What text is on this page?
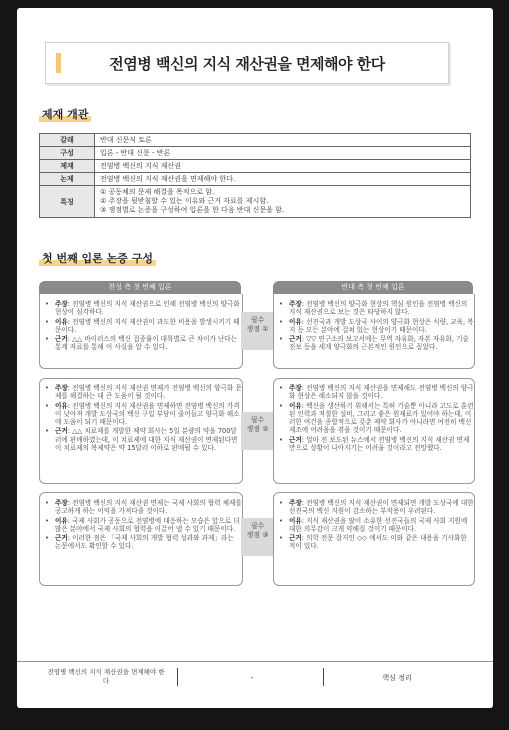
전염병 백신의 지식 재산권을 면제해야 한다
제재 개관
갈래	반대 신문식 토론
구성	입론 - 반대 신문 - 반론
제재	전염병 백신의 지식 재산권
논제	전염병 백신의 지식 재산권을 면제해야 한다.
특징	① 공동체의 문제 해결을 목적으로 함.
② 주장을 뒷받침할 수 있는 이유와 근거 자료를 제시함.
③ 쟁점별로 논증을 구성하여 입론을 한 다음 반대 신문을 함.
첫 번째 입론 논증 구성
찬성 측 첫 번째 입론	반대 측 첫 번째 입론
• 주장: 전염병 백신의 지식 재산권으로 인해 전염병 백신의 양극화 현상이 심각하다.
• 이유: 전염병 백신의 지식 재산권이 과도한 비용을 발생시키기 때문이다.
• 근거: △△ 바이러스의 백신 접종률이 대륙별로 큰 차이가 난다는 통계 자료를 통해 이 사실을 알 수 있다.
필수
쟁점 ①
• 주장: 전염병 백신의 양극화 현상의 핵심 원인을 전염병 백신의 지식 재산권으로 보는 것은 타당하지 않다.
• 이유: 선진국과 개발 도상국 사이의 양극화 현상은 식량, 교육, 복지 등 모든 분야에 걸쳐 있는 현상이기 때문이다.
• 근거: ▽▽ 연구소의 보고서에는 무역 자유화, 자본 자유화, 기술 진보 등을 세계 양극화의 근본적인 원인으로 꼽았다.
• 주장: 전염병 백신의 지식 재산권 면제가 전염병 백신의 양극화 문제를 해결하는 데 큰 도움이 될 것이다.
• 이유: 전염병 백신의 지식 재산권을 면제하면 전염병 백신의 가격이 낮아져 개발 도상국의 백신 구입 부담이 줄어들고 양극화 해소에 도움이 되기 때문이다.
• 근거: △△ 치료제를 개발한 제약 회사는 5일 분량의 약을 700달러에 판매하였는데, 이 치료제에 대한 지식 재산권이 면제된다면 이 치료제의 복제약은 약 15달러 이하로 판매될 수 있다.
필수
쟁점 ②
• 주장: 전염병 백신의 지식 재산권을 면제해도 전염병 백신의 양극화 현상은 해소되지 않을 것이다.
• 이유: 백신을 생산하기 위해서는 특허 기술뿐 아니라 고도로 훈련된 인력과 적절한 설비, 그리고 좋은 원재료가 있어야 하는데, 이러한 여건을 종합적으로 갖춘 제약 회사가 아니라면 여전히 백신 제조에 어려움을 겪을 것이기 때문이다.
• 근거: 얼마 전 보도된 뉴스에서 전염병 백신의 지식 재산권 면제만으로 상황이 나아지기는 어려울 것이라고 전망했다.
• 주장: 전염병 백신의 지식 재산권 면제는 국제 사회의 협력 체제를 공고하게 하는 이익을 가져다줄 것이다.
• 이유: 국제 사회가 공동으로 전염병에 대응하는 모습은 앞으로 더 많은 분야에서 국제 사회의 협력을 이끌어 낼 수 있기 때문이다.
• 근거: 이러한 점은 「국제 사회의 개발 협력 성과와 과제」라는 논문에서도 확인할 수 있다.
필수
쟁점 ③
• 주장: 전염병 백신의 지식 재산권이 면제되면 개발 도상국에 대한 선진국의 백신 지원이 감소하는 부작용이 우려된다.
• 이유: 지식 재산권을 많이 소유한 선진국들의 국제 사회 지원에 대한 의무감이 크게 약해질 것이기 때문이다.
• 근거: 의학 전문 잡지인 ◇◇ 에서도 이와 같은 내용을 기사화한 적이 있다.
전염병 백신의 지식 재산권을 면제해야 한다	-	핵심 정리
